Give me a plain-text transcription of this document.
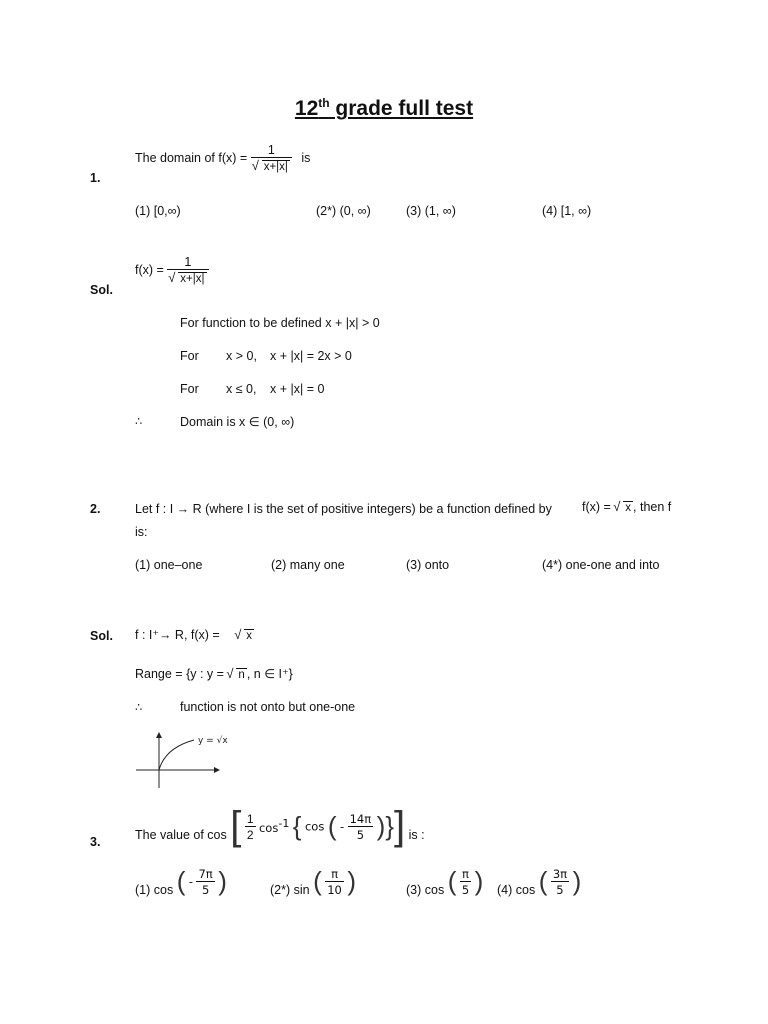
12th grade full test
1.
The domain of f(x) = 1
√ x+|x| is
(1) [0,∞)	(2*) (0, ∞)	(3) (1, ∞)	(4) [1, ∞)
Sol.
f(x) = 1
√ x+|x|
For function to be defined x + |x| > 0
For x > 0, x + |x| = 2x > 0
For x ≤ 0, x + |x| = 0
∴	Domain is x ∈ (0, ∞)
2.	Let f : I → R (where I is the set of positive integers) be a function defined by f(x) = √ x , then f
is:
(1) one–one	(2) many one	(3) onto	(4*) one-one and into
Sol. f : I⁺→ R, f(x) = √ x
Range = {y : y = √ n , n ∈ I⁺}
∴	function is not onto but one-one
y = √x
3.
The value of cos [ $\frac{1}{2} \cos^{-1}$ { cos ( - $\frac{14\pi}{5}$ )}] is :
(1) cos ( - $\frac{7\pi}{5}$ )	(2*) sin ( $\frac{\pi}{10}$ )	(3) cos ( $\frac{\pi}{5}$ ) (4) cos ( $\frac{3\pi}{5}$ )
